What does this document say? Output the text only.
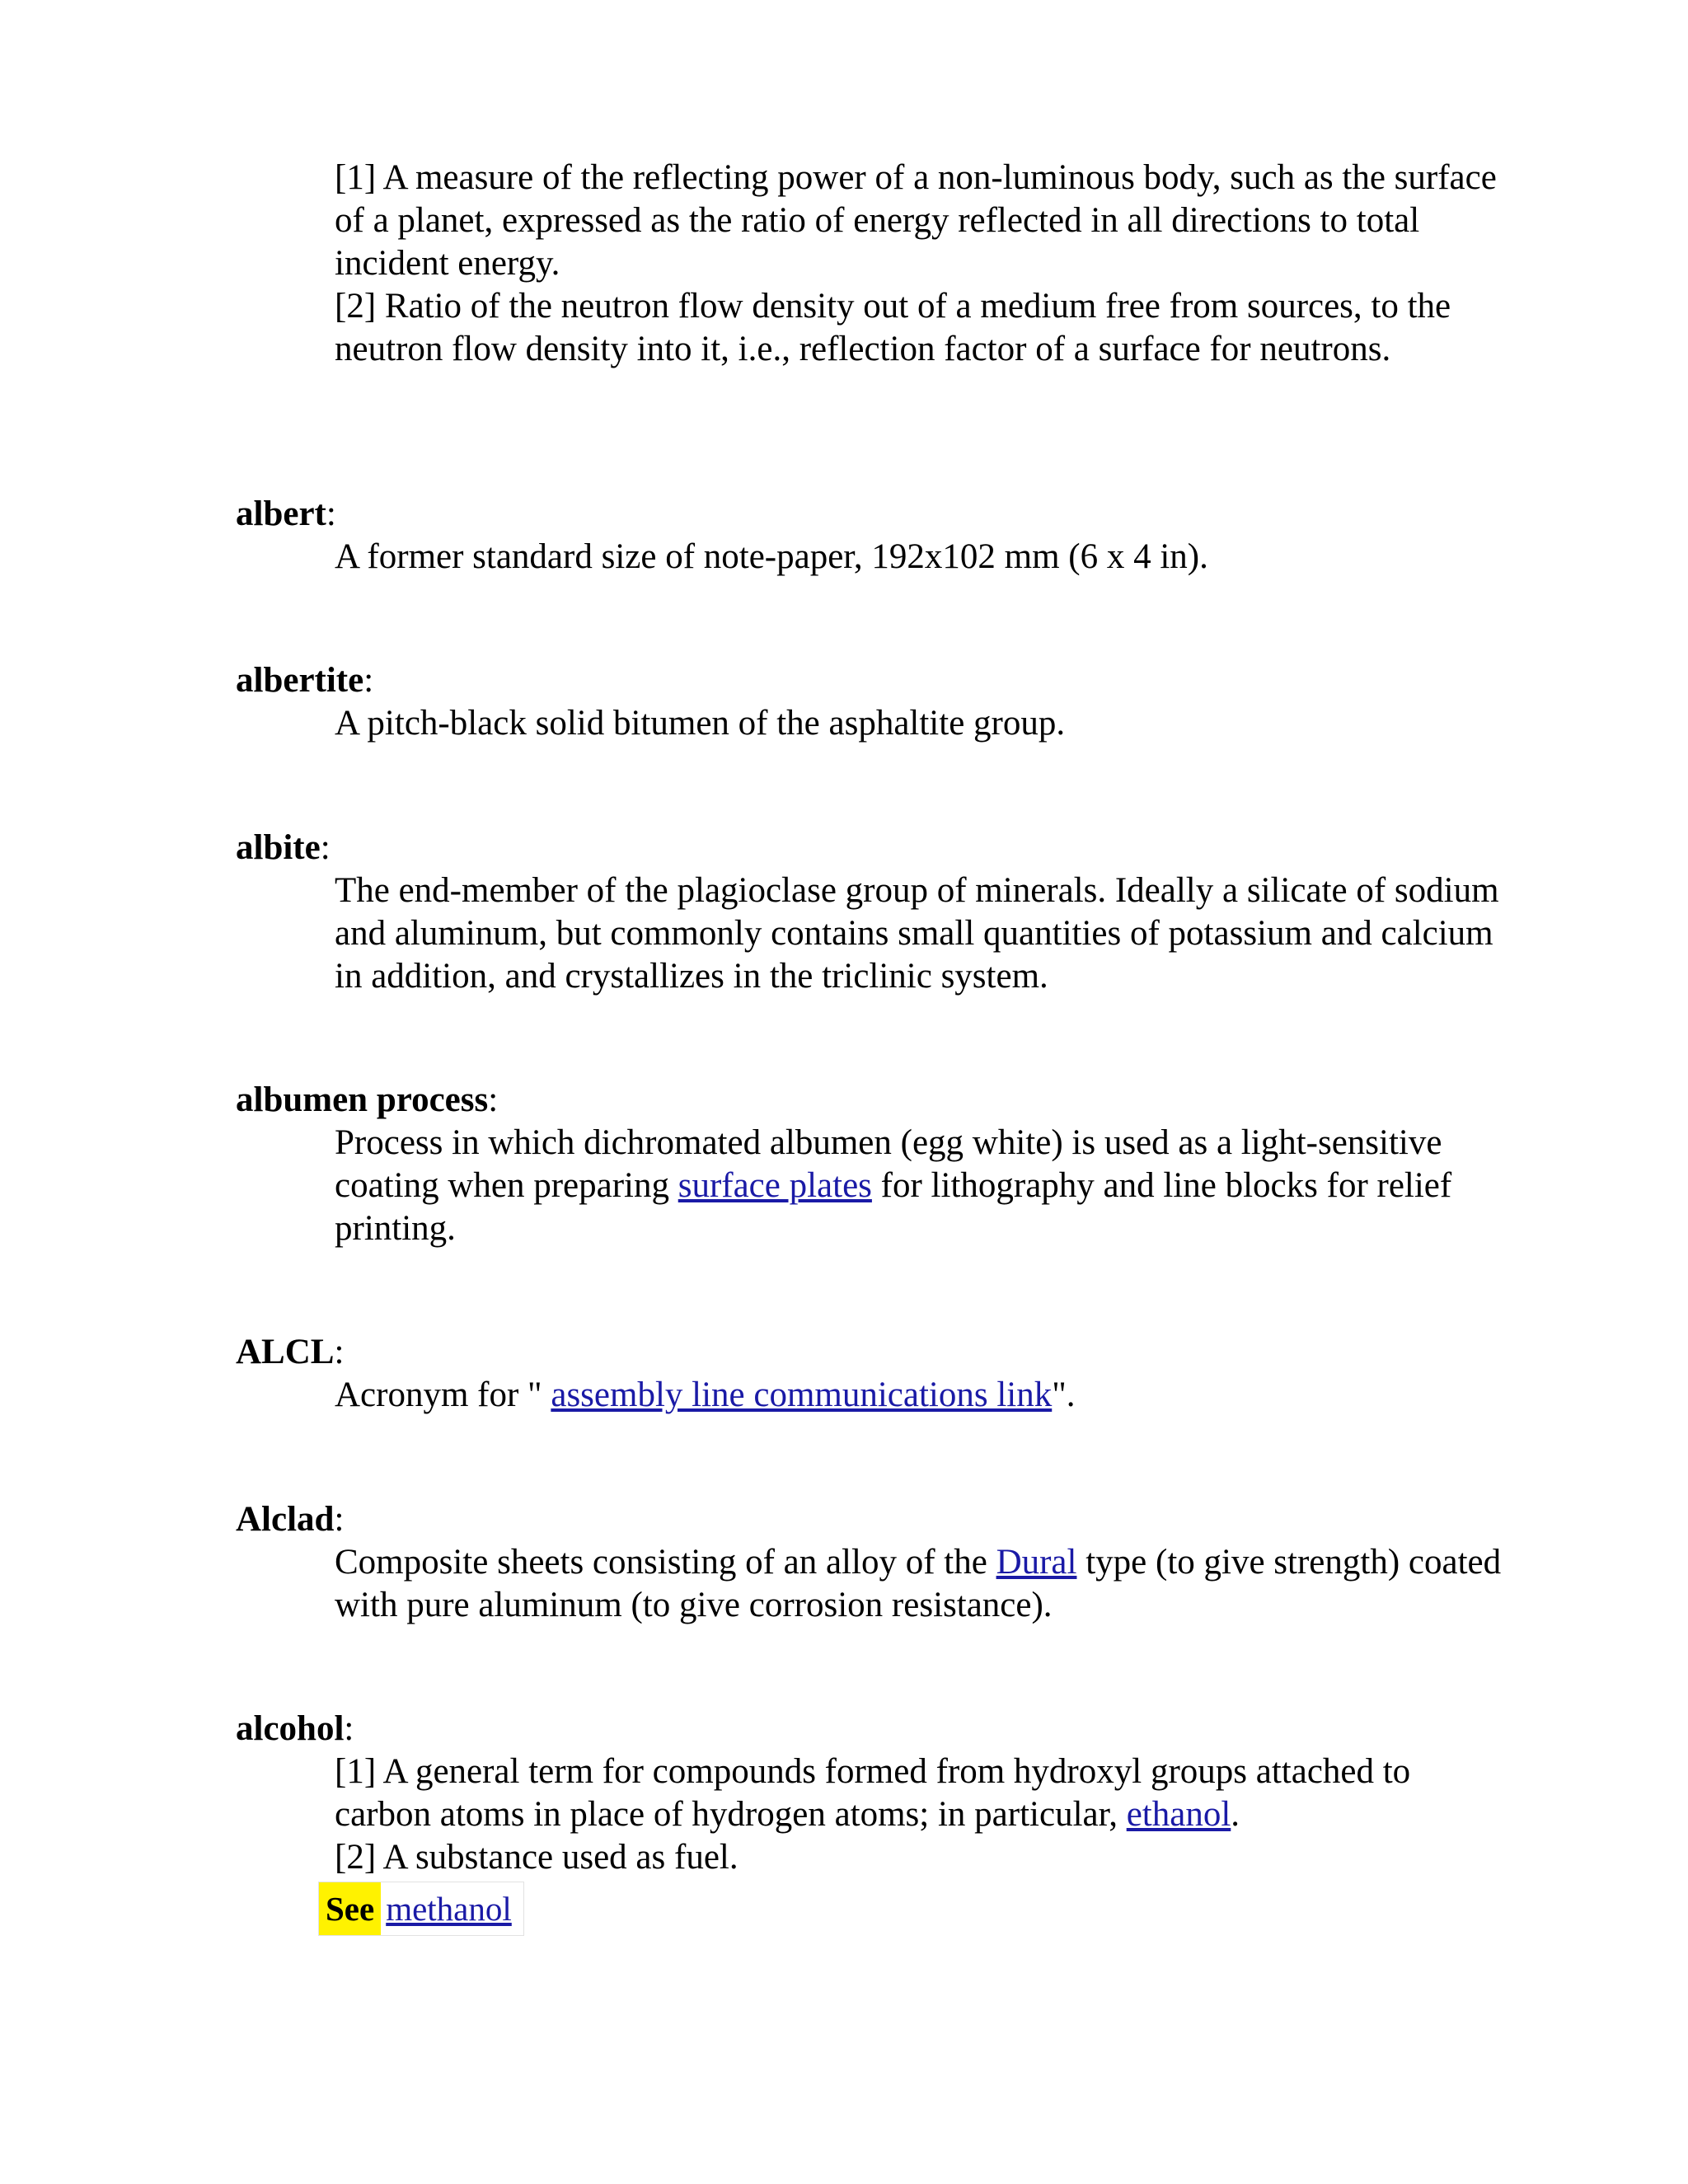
[1] A measure of the reflecting power of a non-luminous body, such as the surface of a planet, expressed as the ratio of energy reflected in all directions to total incident energy.

[2] Ratio of the neutron flow density out of a medium free from sources, to the neutron flow density into it, i.e., reflection factor of a surface for neutrons.

albert:
A former standard size of note-paper, 192x102 mm (6 x 4 in).
albertite:
A pitch-black solid bitumen of the asphaltite group.
albite:
The end-member of the plagioclase group of minerals. Ideally a silicate of sodium and aluminum, but commonly contains small quantities of potassium and calcium in addition, and crystallizes in the triclinic system.
albumen process:
Process in which dichromated albumen (egg white) is used as a light-sensitive coating when preparing surface plates for lithography and line blocks for relief printing.
ALCL:
Acronym for " assembly line communications link".
Alclad:
Composite sheets consisting of an alloy of the Dural type (to give strength) coated with pure aluminum (to give corrosion resistance).
alcohol:

[1] A general term for compounds formed from hydroxyl groups attached to carbon atoms in place of hydrogen atoms; in particular, ethanol.

[2] A substance used as fuel.

See methanol
